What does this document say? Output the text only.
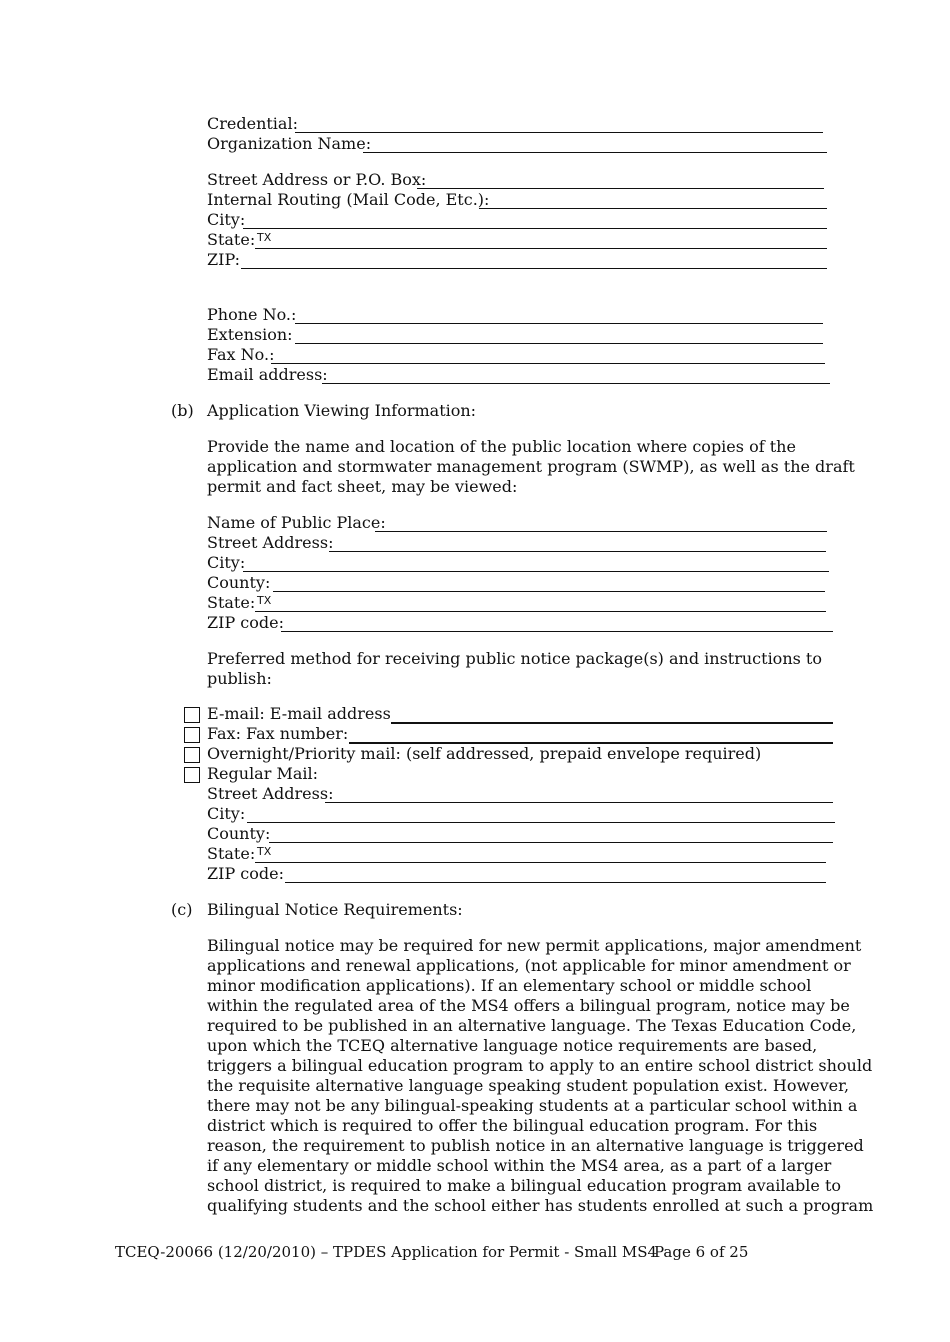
Credential:
Organization Name:
Street Address or P.O. Box:
Internal Routing (Mail Code, Etc.):
City:
State: TX
ZIP:
Phone No.:
Extension:
Fax No.:
Email address:
(b) Application Viewing Information:

Provide the name and location of the public location where copies of the
application and stormwater management program (SWMP), as well as the draft
permit and fact sheet, may be viewed:

Name of Public Place:
Street Address:
City:
County:
State: TX
ZIP code:

Preferred method for receiving public notice package(s) and instructions to
publish:

E-mail: E-mail address
Fax: Fax number:
Overnight/Priority mail: (self addressed, prepaid envelope required)
Regular Mail:
Street Address:
City:
County:
State: TX
ZIP code:
(c) Bilingual Notice Requirements:

Bilingual notice may be required for new permit applications, major amendment
applications and renewal applications, (not applicable for minor amendment or
minor modification applications). If an elementary school or middle school
within the regulated area of the MS4 offers a bilingual program, notice may be
required to be published in an alternative language. The Texas Education Code,
upon which the TCEQ alternative language notice requirements are based,
triggers a bilingual education program to apply to an entire school district should
the requisite alternative language speaking student population exist. However,
there may not be any bilingual-speaking students at a particular school within a
district which is required to offer the bilingual education program. For this
reason, the requirement to publish notice in an alternative language is triggered
if any elementary or middle school within the MS4 area, as a part of a larger
school district, is required to make a bilingual education program available to
qualifying students and the school either has students enrolled at such a program

TCEQ-20066 (12/20/2010) – TPDES Application for Permit - Small MS4
Page 6 of 25
